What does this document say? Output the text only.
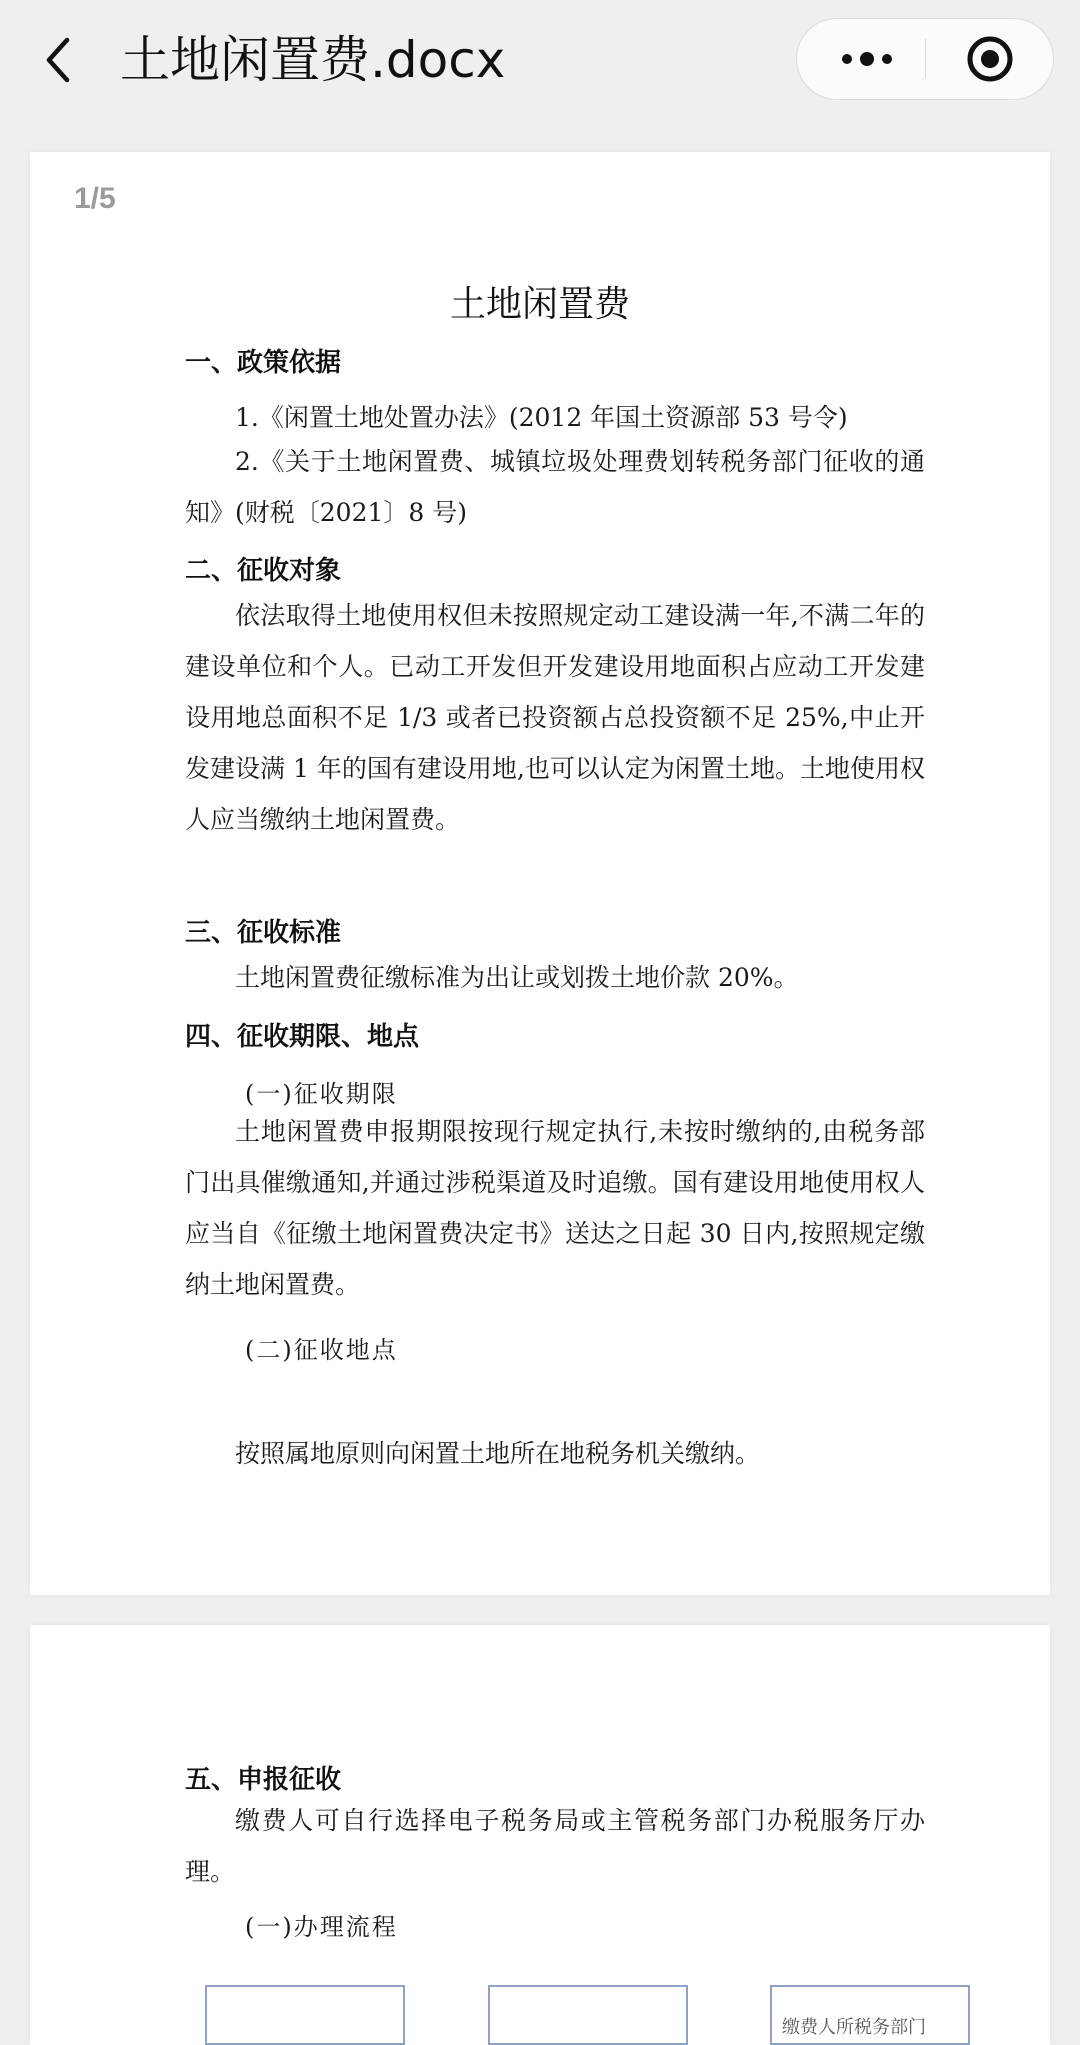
土地闲置费.docx
1/5
土地闲置费
一、政策依据
1.《闲置土地处置办法》(2012 年国土资源部 53 号令)

2.《关于土地闲置费、城镇垃圾处理费划转税务部门征收的通知》(财税〔2021〕8 号)

二、征收对象

依法取得土地使用权但未按照规定动工建设满一年,不满二年的建设单位和个人。已动工开发但开发建设用地面积占应动工开发建设用地总面积不足 1/3 或者已投资额占总投资额不足 25%,中止开发建设满 1 年的国有建设用地,也可以认定为闲置土地。土地使用权人应当缴纳土地闲置费。

三、征收标准

土地闲置费征缴标准为出让或划拨土地价款 20%。

四、征收期限、地点
(一)征收期限

土地闲置费申报期限按现行规定执行,未按时缴纳的,由税务部门出具催缴通知,并通过涉税渠道及时追缴。国有建设用地使用权人应当自《征缴土地闲置费决定书》送达之日起 30 日内,按照规定缴纳土地闲置费。

(二)征收地点
按照属地原则向闲置土地所在地税务机关缴纳。
五、申报征收

缴费人可自行选择电子税务局或主管税务部门办税服务厅办理。

(一)办理流程
缴费人所税务部门
